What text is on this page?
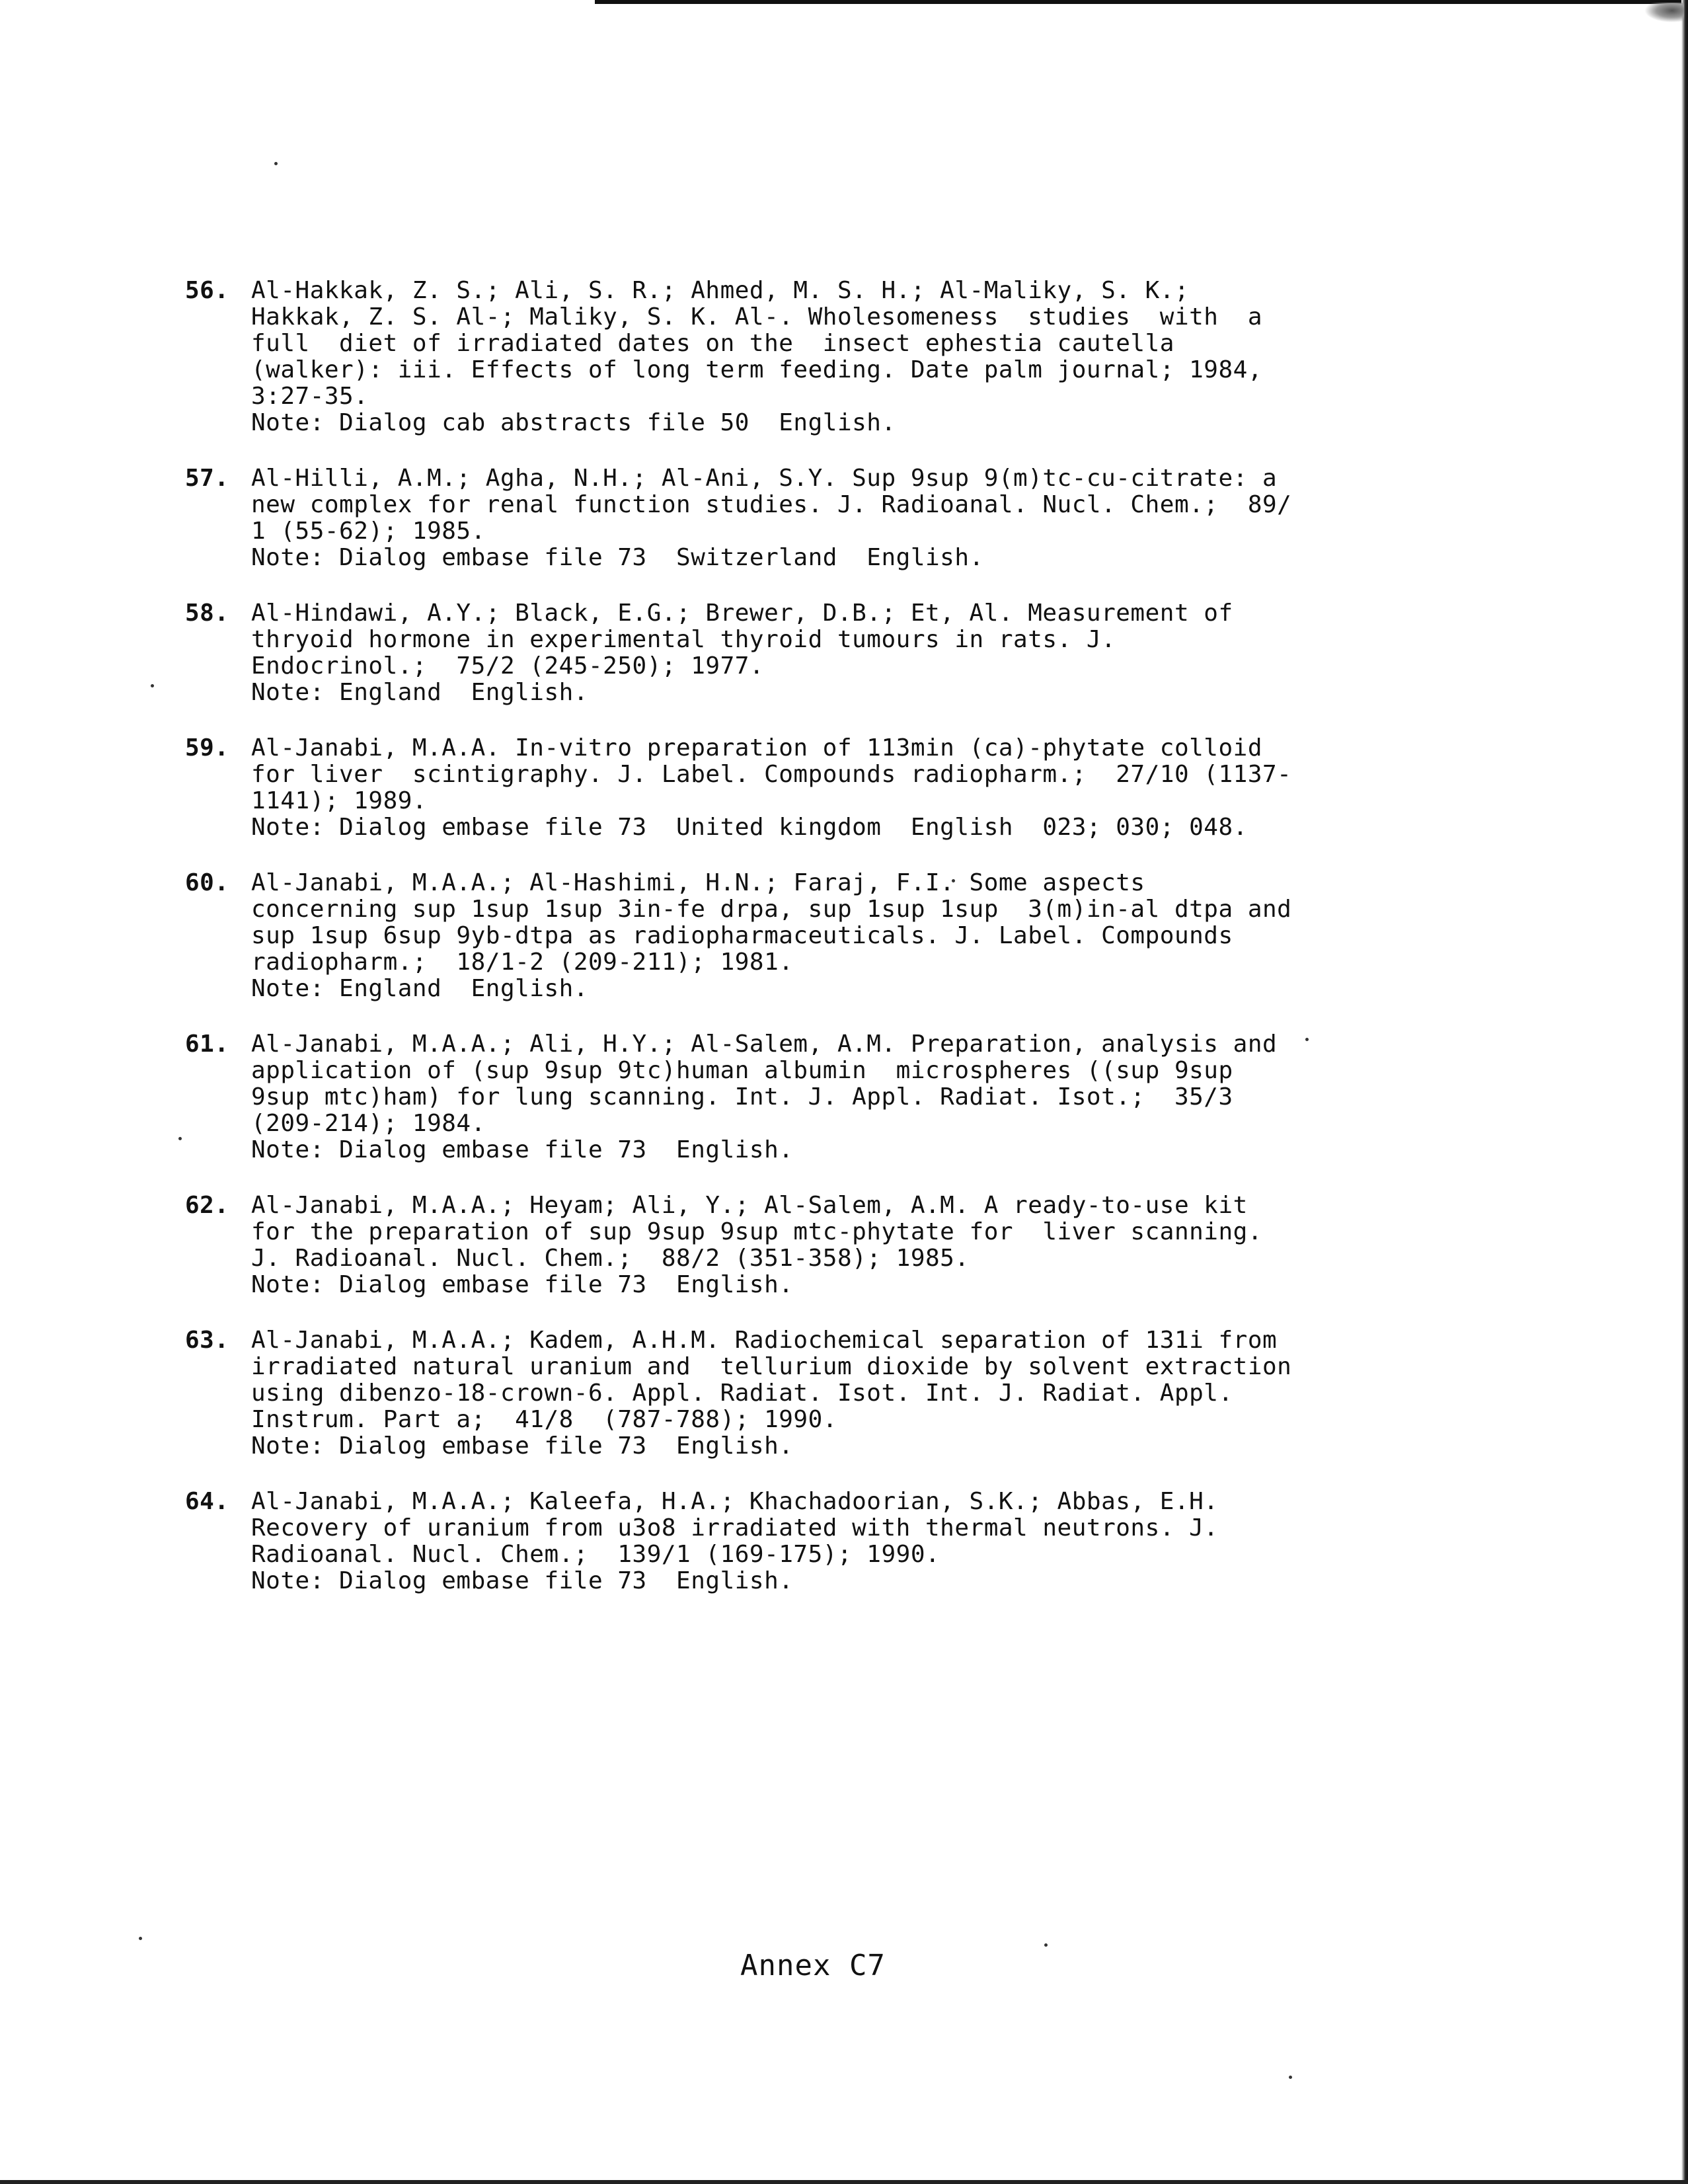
56. Al-Hakkak, Z. S.; Ali, S. R.; Ahmed, M. S. H.; Al-Maliky, S. K.;
Hakkak, Z. S. Al-; Maliky, S. K. Al-. Wholesomeness  studies  with  a
full  diet of irradiated dates on the  insect ephestia cautella
(walker): iii. Effects of long term feeding. Date palm journal; 1984,
3:27-35.
Note: Dialog cab abstracts file 50  English.
57. Al-Hilli, A.M.; Agha, N.H.; Al-Ani, S.Y. Sup 9sup 9(m)tc-cu-citrate: a
new complex for renal function studies. J. Radioanal. Nucl. Chem.;  89/
1 (55-62); 1985.
Note: Dialog embase file 73  Switzerland  English.
58. Al-Hindawi, A.Y.; Black, E.G.; Brewer, D.B.; Et, Al. Measurement of
thryoid hormone in experimental thyroid tumours in rats. J.
Endocrinol.;  75/2 (245-250); 1977.
Note: England  English.
59. Al-Janabi, M.A.A. In-vitro preparation of 113min (ca)-phytate colloid
for liver  scintigraphy. J. Label. Compounds radiopharm.;  27/10 (1137-
1141); 1989.
Note: Dialog embase file 73  United kingdom  English  023; 030; 048.
60. Al-Janabi, M.A.A.; Al-Hashimi, H.N.; Faraj, F.I. Some aspects
concerning sup 1sup 1sup 3in-fe drpa, sup 1sup 1sup  3(m)in-al dtpa and
sup 1sup 6sup 9yb-dtpa as radiopharmaceuticals. J. Label. Compounds
radiopharm.;  18/1-2 (209-211); 1981.
Note: England  English.
61. Al-Janabi, M.A.A.; Ali, H.Y.; Al-Salem, A.M. Preparation, analysis and
application of (sup 9sup 9tc)human albumin  microspheres ((sup 9sup
9sup mtc)ham) for lung scanning. Int. J. Appl. Radiat. Isot.;  35/3
(209-214); 1984.
Note: Dialog embase file 73  English.
62. Al-Janabi, M.A.A.; Heyam; Ali, Y.; Al-Salem, A.M. A ready-to-use kit
for the preparation of sup 9sup 9sup mtc-phytate for  liver scanning.
J. Radioanal. Nucl. Chem.;  88/2 (351-358); 1985.
Note: Dialog embase file 73  English.
63. Al-Janabi, M.A.A.; Kadem, A.H.M. Radiochemical separation of 131i from
irradiated natural uranium and  tellurium dioxide by solvent extraction
using dibenzo-18-crown-6. Appl. Radiat. Isot. Int. J. Radiat. Appl.
Instrum. Part a;  41/8  (787-788); 1990.
Note: Dialog embase file 73  English.
64. Al-Janabi, M.A.A.; Kaleefa, H.A.; Khachadoorian, S.K.; Abbas, E.H.
Recovery of uranium from u3o8 irradiated with thermal neutrons. J.
Radioanal. Nucl. Chem.;  139/1 (169-175); 1990.
Note: Dialog embase file 73  English.
Annex C7
